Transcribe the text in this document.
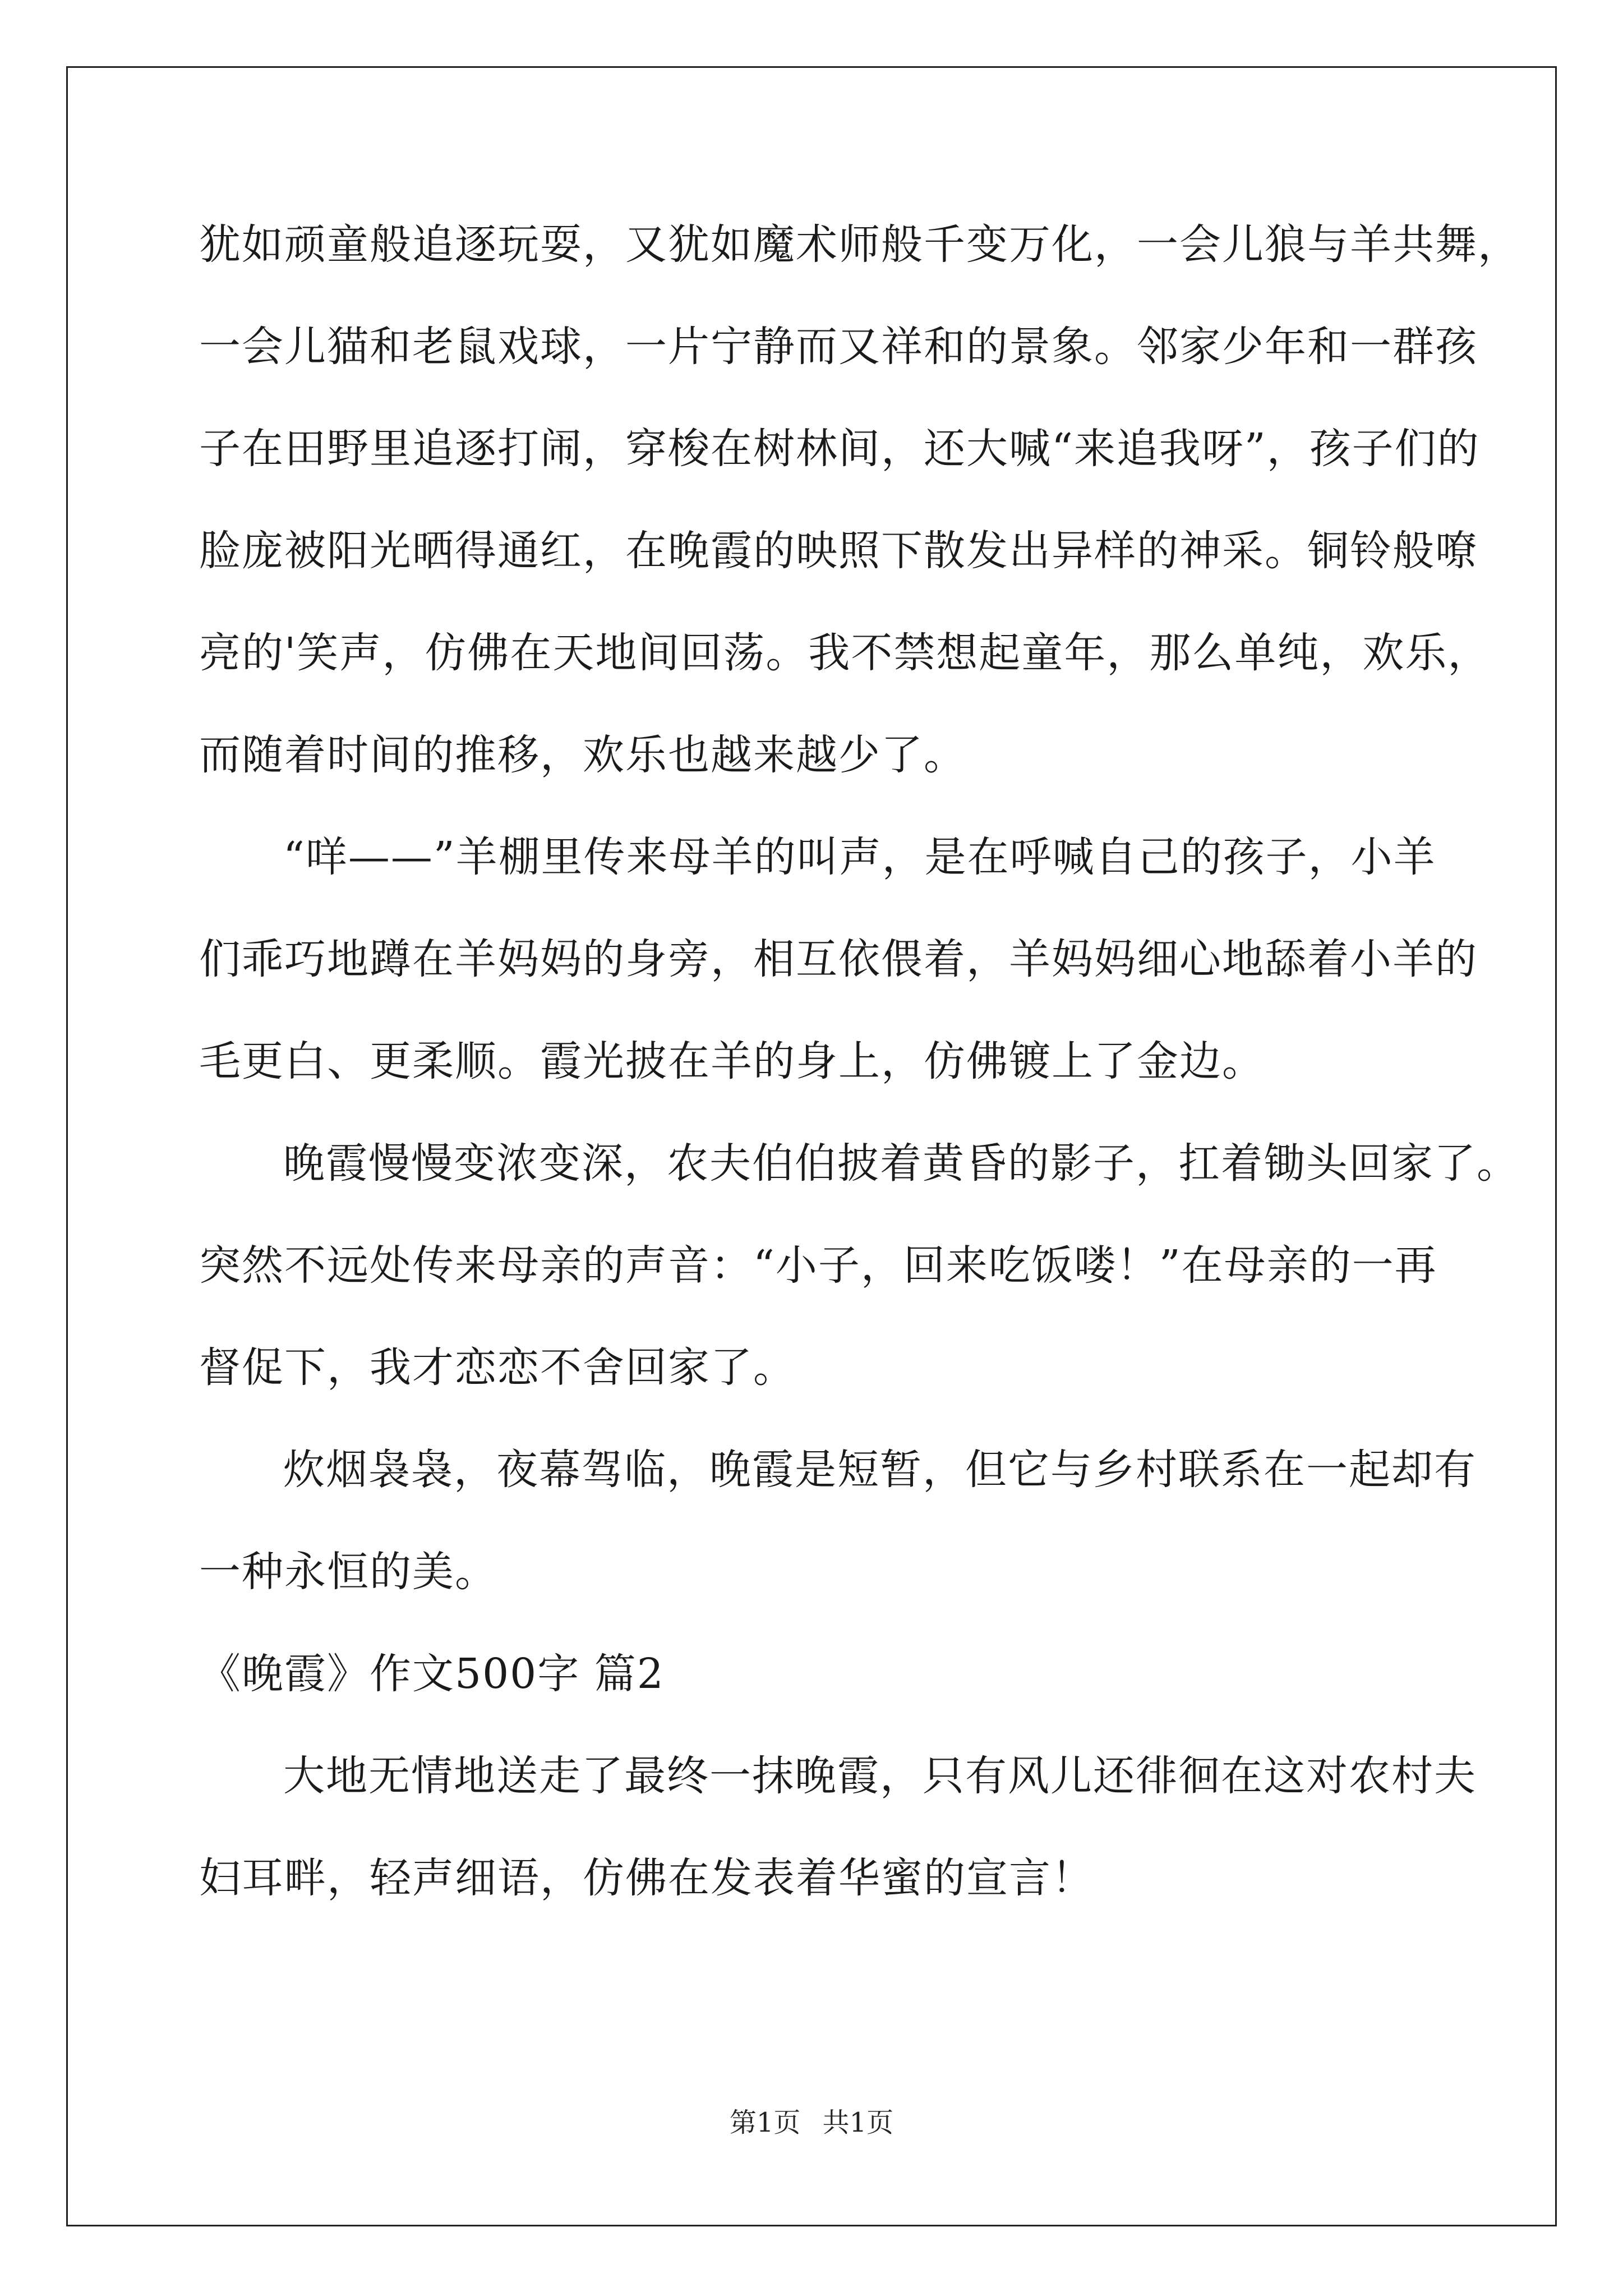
犹如顽童般追逐玩耍，又犹如魔术师般千变万化，一会儿狼与羊共舞，
一会儿猫和老鼠戏球，一片宁静而又祥和的景象。邻家少年和一群孩
子在田野里追逐打闹，穿梭在树林间，还大喊“来追我呀”，孩子们的
脸庞被阳光晒得通红，在晚霞的映照下散发出异样的神采。铜铃般嘹
亮的'笑声，仿佛在天地间回荡。我不禁想起童年，那么单纯，欢乐，
而随着时间的推移，欢乐也越来越少了。

“咩——”羊棚里传来母羊的叫声，是在呼喊自己的孩子，小羊
们乖巧地蹲在羊妈妈的身旁，相互依偎着，羊妈妈细心地舔着小羊的
毛更白、更柔顺。霞光披在羊的身上，仿佛镀上了金边。

晚霞慢慢变浓变深，农夫伯伯披着黄昏的影子，扛着锄头回家了。
突然不远处传来母亲的声音：“小子，回来吃饭喽！”在母亲的一再
督促下，我才恋恋不舍回家了。

炊烟袅袅，夜幕驾临，晚霞是短暂，但它与乡村联系在一起却有
一种永恒的美。

《晚霞》作文500字 篇2

大地无情地送走了最终一抹晚霞，只有风儿还徘徊在这对农村夫
妇耳畔，轻声细语，仿佛在发表着华蜜的宣言！

第1页 共1页
